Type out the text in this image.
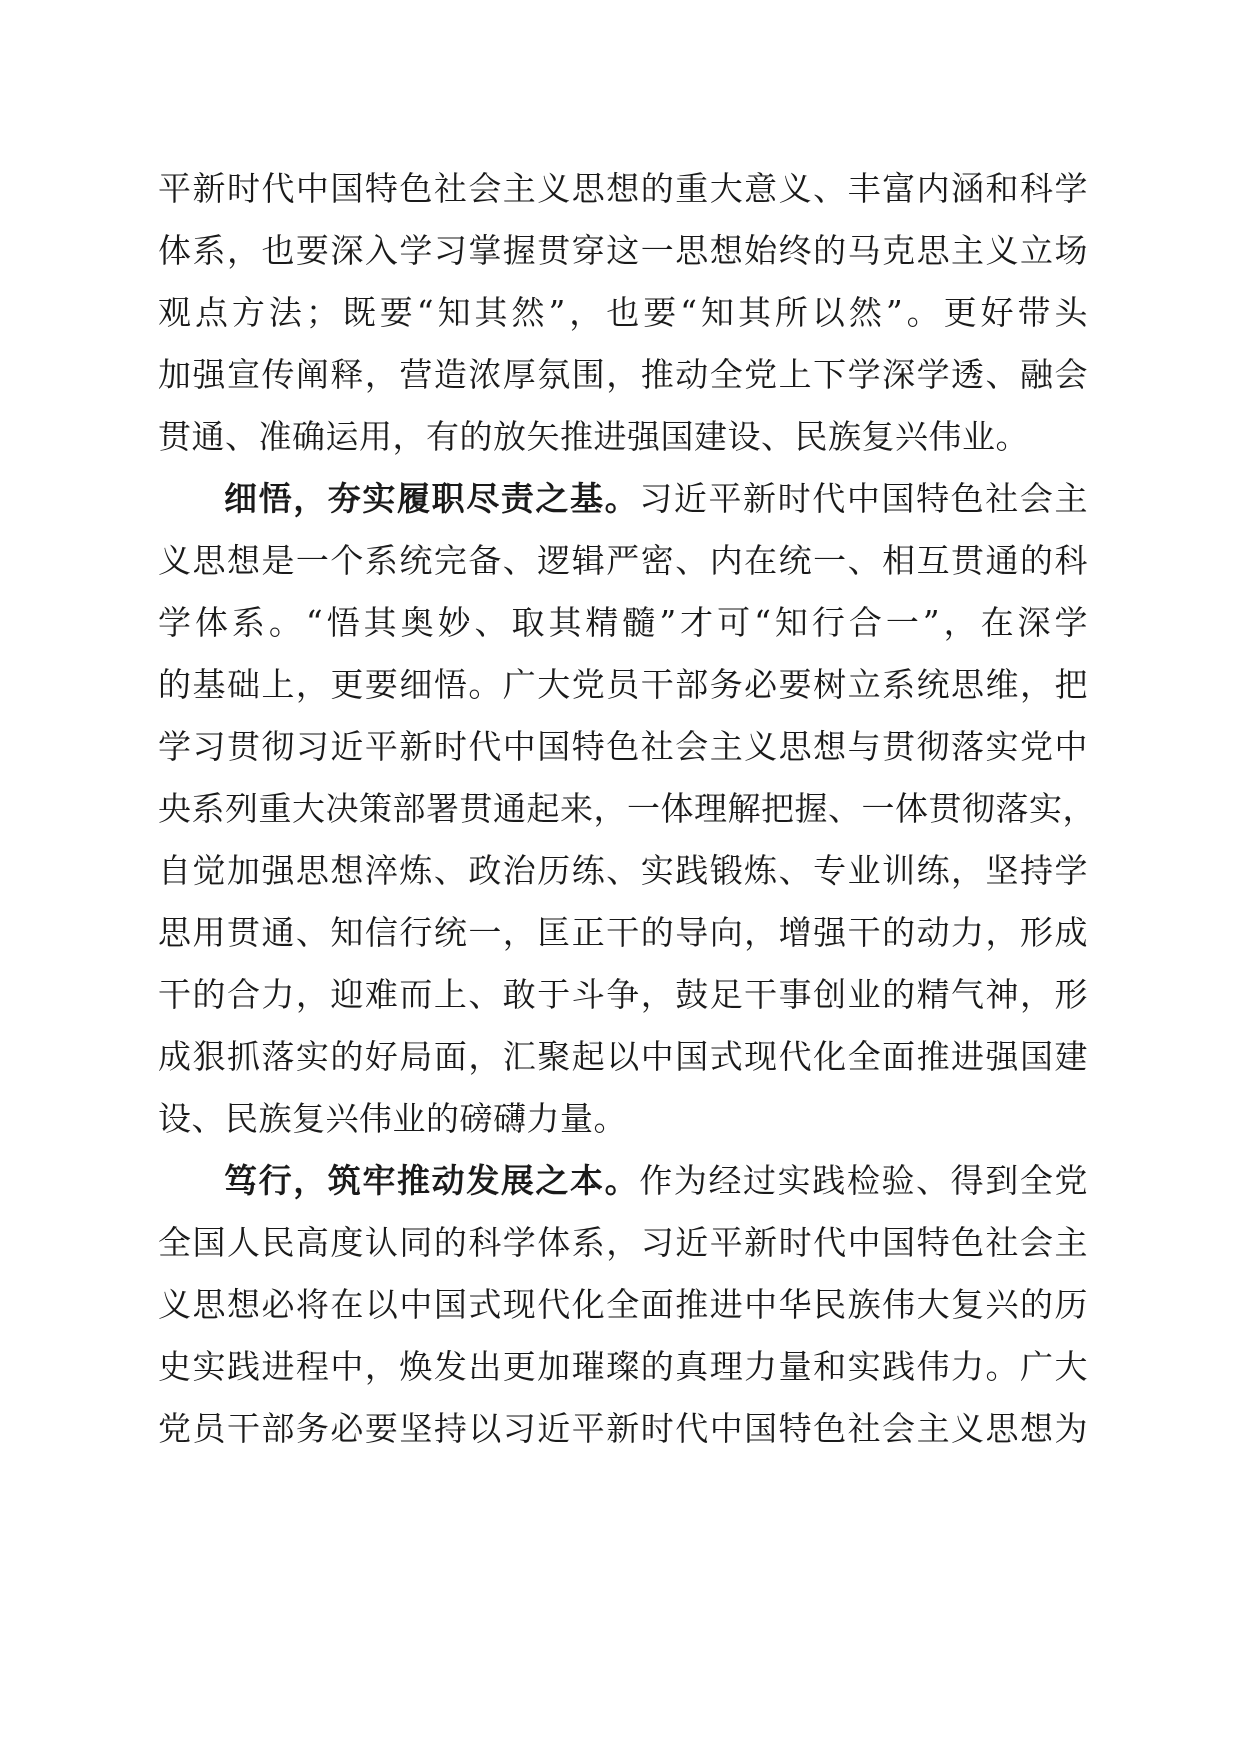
平新时代中国特色社会主义思想的重大意义、丰富内涵和科学
体系，也要深入学习掌握贯穿这一思想始终的马克思主义立场
观点方法；既要“知其然”，也要“知其所以然”。更好带头
加强宣传阐释，营造浓厚氛围，推动全党上下学深学透、融会
贯通、准确运用，有的放矢推进强国建设、民族复兴伟业。
细悟，夯实履职尽责之基。习近平新时代中国特色社会主
义思想是一个系统完备、逻辑严密、内在统一、相互贯通的科
学体系。“悟其奥妙、取其精髓”才可“知行合一”，在深学
的基础上，更要细悟。广大党员干部务必要树立系统思维，把
学习贯彻习近平新时代中国特色社会主义思想与贯彻落实党中
央系列重大决策部署贯通起来，一体理解把握、一体贯彻落实，
自觉加强思想淬炼、政治历练、实践锻炼、专业训练，坚持学
思用贯通、知信行统一，匡正干的导向，增强干的动力，形成
干的合力，迎难而上、敢于斗争，鼓足干事创业的精气神，形
成狠抓落实的好局面，汇聚起以中国式现代化全面推进强国建
设、民族复兴伟业的磅礴力量。
笃行，筑牢推动发展之本。作为经过实践检验、得到全党
全国人民高度认同的科学体系，习近平新时代中国特色社会主
义思想必将在以中国式现代化全面推进中华民族伟大复兴的历
史实践进程中，焕发出更加璀璨的真理力量和实践伟力。广大
党员干部务必要坚持以习近平新时代中国特色社会主义思想为
